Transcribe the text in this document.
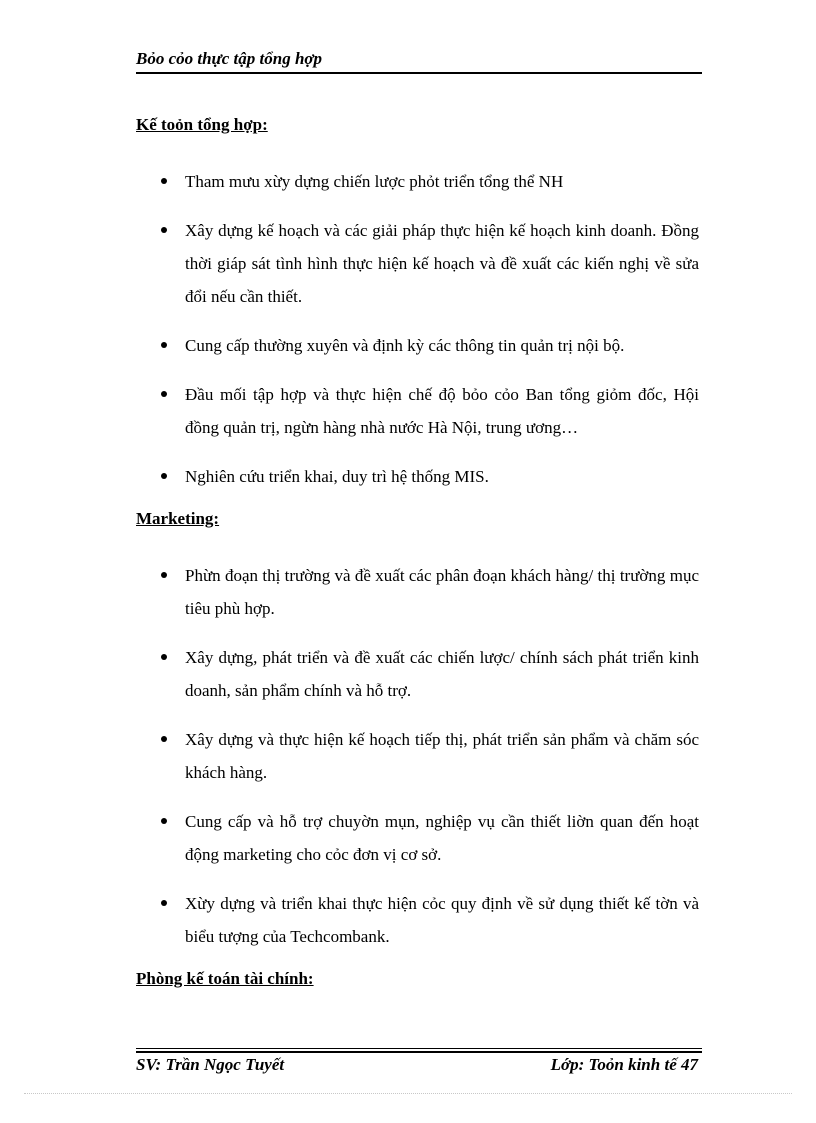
Bỏo cỏo thực tập tổng hợp
Kế toỏn tổng hợp:
Tham mưu xừy dựng chiến lược phỏt triển tổng thể NH
Xây dựng kế hoạch và các giải pháp thực hiện kế hoạch kinh doanh. Đồng thời giáp sát tình hình thực hiện kế hoạch và đề xuất các kiến nghị về sửa đổi nếu cần thiết.
Cung cấp thường xuyên và định kỳ các thông tin quản trị nội bộ.
Đầu mối tập hợp và thực hiện chế độ bỏo cỏo Ban tổng giỏm đốc, Hội đồng quản trị, ngừn hàng nhà nước Hà Nội, trung ương…
Nghiên cứu triển khai, duy trì hệ thống MIS.
Marketing:
Phừn đoạn thị trường và đề xuất các phân đoạn khách hàng/ thị trường mục tiêu phù hợp.
Xây dựng, phát triển và đề xuất các chiến lược/ chính sách phát triển kinh doanh, sản phẩm chính và hỗ trợ.
Xây dựng và thực hiện kế hoạch tiếp thị, phát triển sản phẩm và chăm sóc khách hàng.
Cung cấp và hỗ trợ chuyờn mụn, nghiệp vụ cần thiết liờn quan đến hoạt động marketing cho cỏc đơn vị cơ sở.
Xừy dựng và triển khai thực hiện cỏc quy định về sử dụng thiết kế tờn và biểu tượng của Techcombank.
Phòng kế toán tài chính:
SV: Trần Ngọc Tuyết	Lớp: Toỏn kinh tế 47
